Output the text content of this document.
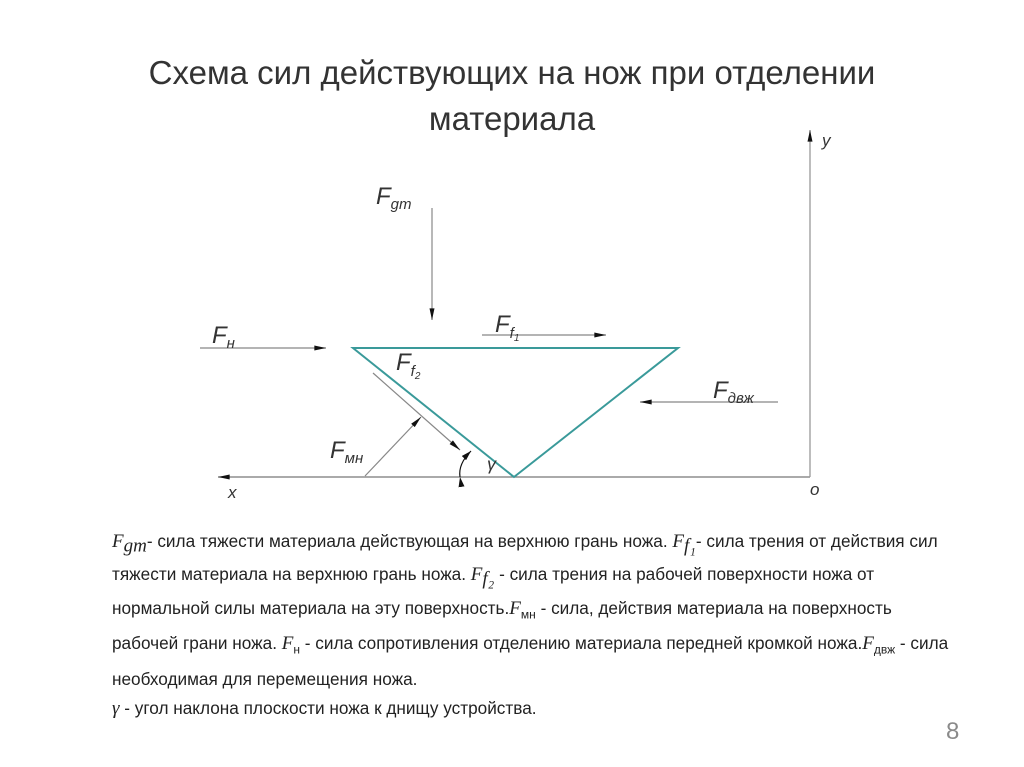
Схема сил действующих на нож при отделении
материала
y
x	o
$F_{gm}$
$F_н$
$F_f1$
$F_f2$
$F_{двж}$
$F_{мн}$	γ
$F_{gm}-$ сила тяжести материала действующая на верхнюю грань ножа. $F_{f_1}-$ сила трения от действия сил тяжести материала на верхнюю грань ножа. $F_{f_2}$ - сила трения на рабочей поверхности ножа от нормальной силы материала на эту $поверхность.F_{мн}$ - сила, действия материала на поверхность рабочей грани ножа. $F_н$ - сила сопротивления отделению материала передней кромкой $ножа.F_{двж}$ - сила необходимая для перемещения ножа.
γ - угол наклона плоскости ножа к днищу устройства.
8
